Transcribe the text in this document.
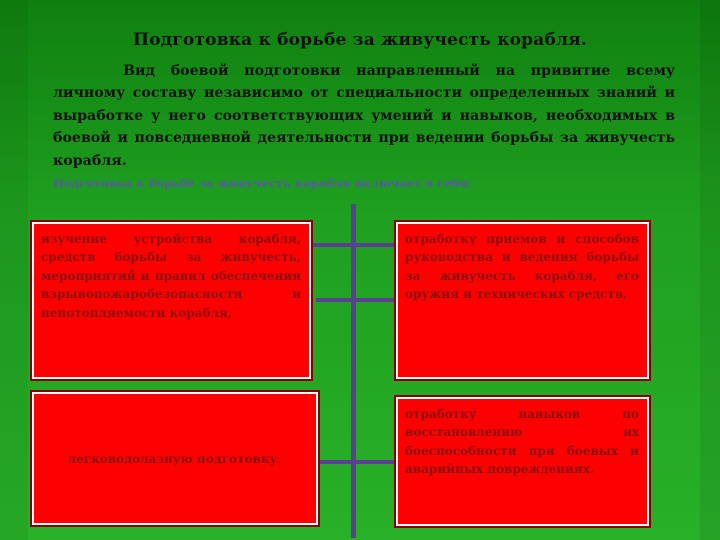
Подготовка к борьбе за живучесть корабля.
Вид боевой подготовки направленный на привитие всему личному составу независимо от специальности определенных знаний и выработке у него соответствующих умений и навыков, необходимых в боевой и повседневной деятельности при ведении борьбы за живучесть корабля.
Подготовка к борьбе за живучесть корабля включает в себя:
изучение устройства корабля, средств борьбы за живучесть, мероприятий и правил обеспечения взрывопожаробезопасности и непотопляемости корабля,
отработку приемов и способов руководства и ведения борьбы за живучесть корабля, его оружия и технических средств,
легководолазную подготовку.
отработку навыков по восстановлению их боеспособности при боевых и аварийных повреждениях.
